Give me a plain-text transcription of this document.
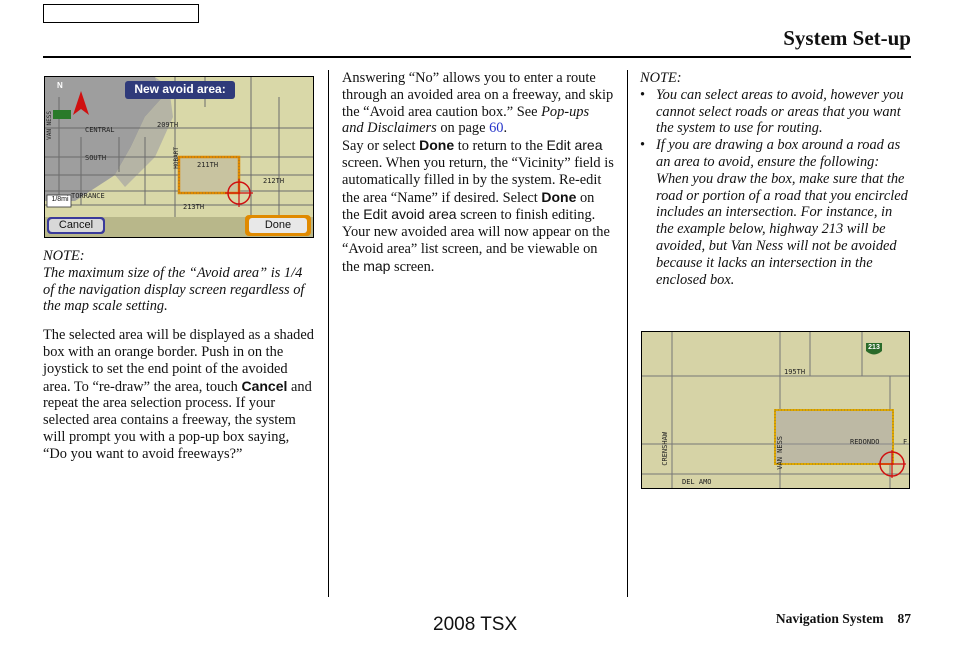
System Set-up
New avoid area:
N
CENTRAL
SOUTH
209TH
211TH
212TH
213TH
TORRANCE
HOBART
VAN NESS
1/8mi
Cancel	Done
NOTE:
The maximum size of the “Avoid area” is 1/4 of the navigation display screen regardless of the map scale setting.
The selected area will be displayed as a shaded box with an orange border. Push in on the joystick to set the end point of the avoided area. To “re-draw” the area, touch Cancel and repeat the area selection process. If your selected area contains a freeway, the system will prompt you with a pop-up box saying, “Do you want to avoid freeways?”
Answering “No” allows you to enter a route through an avoided area on a freeway, and skip the “Avoid area caution box.” See Pop-ups and Disclaimers on page 60.
Say or select Done to return to the Edit area screen. When you return, the “Vicinity” field is automatically filled in by the system. Re-edit the area “Name” if desired. Select Done on the Edit avoid area screen to finish editing. Your new avoided area will now appear on the “Avoid area” list screen, and be viewable on the map screen.
NOTE:
• You can select areas to avoid, however you cannot select roads or areas that you want the system to use for routing.
• If you are drawing a box around a road as an area to avoid, ensure the following: When you draw the box, make sure that the road or portion of a road that you encircled includes an intersection. For instance, in the example below, highway 213 will be avoided, but Van Ness will not be avoided because it lacks an intersection in the enclosed box.
213
195TH
REDONDO	F
CRENSHAW	VAN NESS
DEL AMO
2008 TSX	Navigation System 87
